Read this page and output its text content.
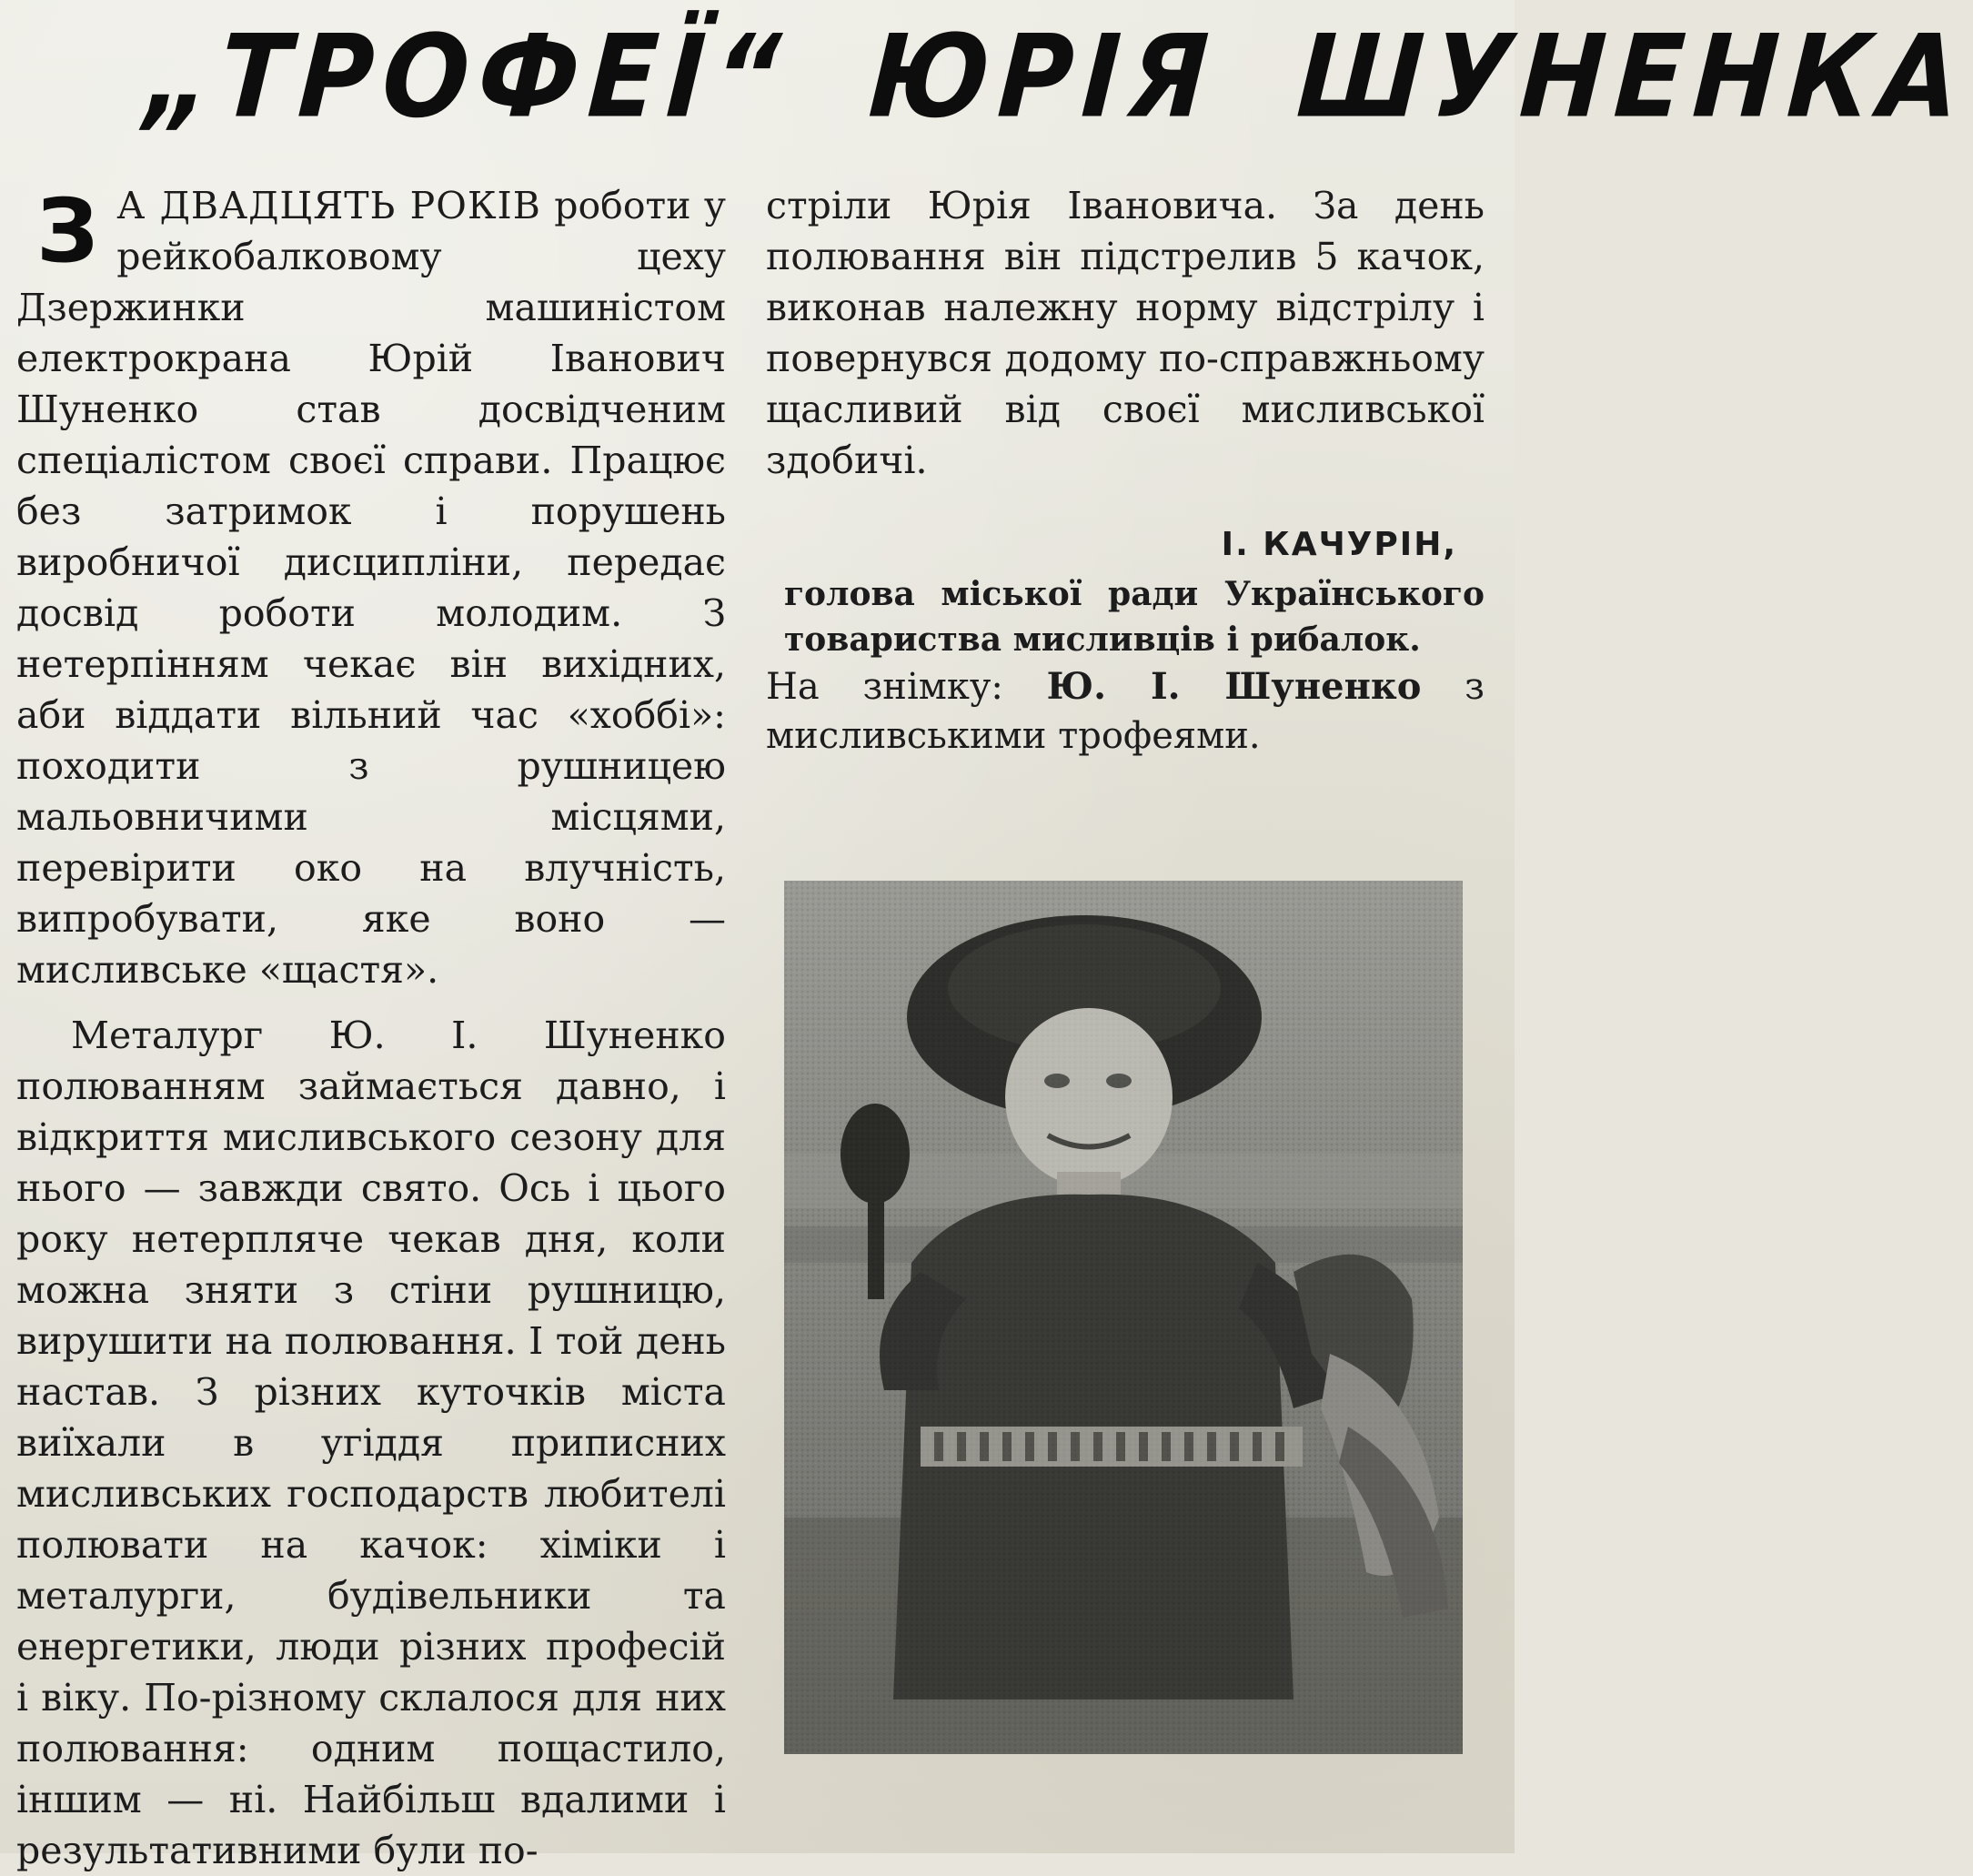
„ТРОФЕЇ“ ЮРІЯ ШУНЕНКА

З А ДВАДЦЯТЬ РОКІВ роботи у рейкобалковому цеху Дзержинки машиністом електрокрана Юрій Іванович Шуненко став досвідченим спеціалістом своєї справи. Працює без затримок і порушень виробничої дисципліни, передає досвід роботи молодим. З нетерпінням чекає він вихідних, аби віддати вільний час «хоббі»: походити з рушницею мальовничими місцями, перевірити око на влучність, випробувати, яке воно — мисливське «щастя».

Металург Ю. І. Шуненко полюванням займається давно, і відкриття мисливського сезону для нього — завжди свято. Ось і цього року нетерпляче чекав дня, коли можна зняти з стіни рушницю, вирушити на полювання. І той день настав. З різних куточків міста виїхали в угіддя приписних мисливських господарств любителі полювати на качок: хіміки і металурги, будівельники та енергетики, люди різних професій і віку. По-різному склалося для них полювання: одним пощастило, іншим — ні. Найбільш вдалими і результативними були по-

стріли Юрія Івановича. За день полювання він підстрелив 5 качок, виконав належну норму відстрілу і повернувся додому по-справжньому щасливий від своєї мисливської здобичі.

І. КАЧУРІН,
голова міської ради Українського товариства мисливців і рибалок.

На знімку: Ю. І. Шуненко з мисливськими трофеями.
